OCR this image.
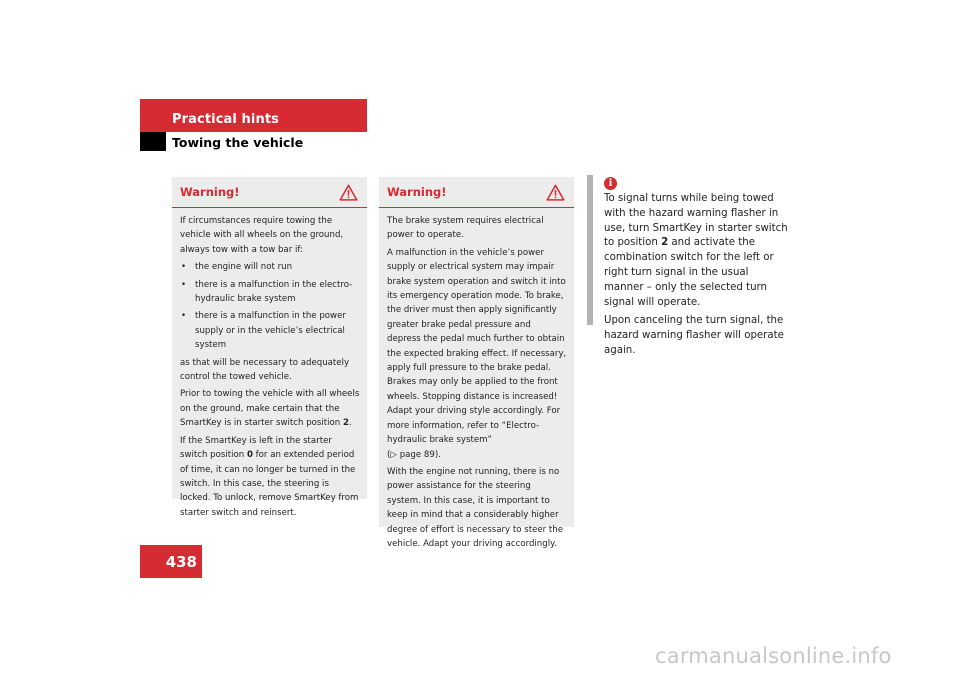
Practical hints
Towing the vehicle
Warning!

If circumstances require towing the vehicle with all wheels on the ground, always tow with a tow bar if:

• the engine will not run
• there is a malfunction in the electro-hydraulic brake system
• there is a malfunction in the power supply or in the vehicle’s electrical system

as that will be necessary to adequately control the towed vehicle.

Prior to towing the vehicle with all wheels on the ground, make certain that the SmartKey is in starter switch position 2.

If the SmartKey is left in the starter switch position 0 for an extended period of time, it can no longer be turned in the switch. In this case, the steering is locked. To unlock, remove SmartKey from starter switch and reinsert.

Warning!

The brake system requires electrical power to operate.

A malfunction in the vehicle’s power supply or electrical system may impair brake system operation and switch it into its emergency operation mode. To brake, the driver must then apply significantly greater brake pedal pressure and depress the pedal much further to obtain the expected braking effect. If necessary, apply full pressure to the brake pedal. Brakes may only be applied to the front wheels. Stopping distance is increased! Adapt your driving style accordingly. For more information, refer to “Electro-hydraulic brake system”
(▷ page 89).

With the engine not running, there is no power assistance for the steering system. In this case, it is important to keep in mind that a considerably higher degree of effort is necessary to steer the vehicle. Adapt your driving accordingly.

i

To signal turns while being towed with the hazard warning flasher in use, turn SmartKey in starter switch to position 2 and activate the combination switch for the left or right turn signal in the usual manner – only the selected turn signal will operate.

Upon canceling the turn signal, the hazard warning flasher will operate again.

438
carmanualsonline.info
